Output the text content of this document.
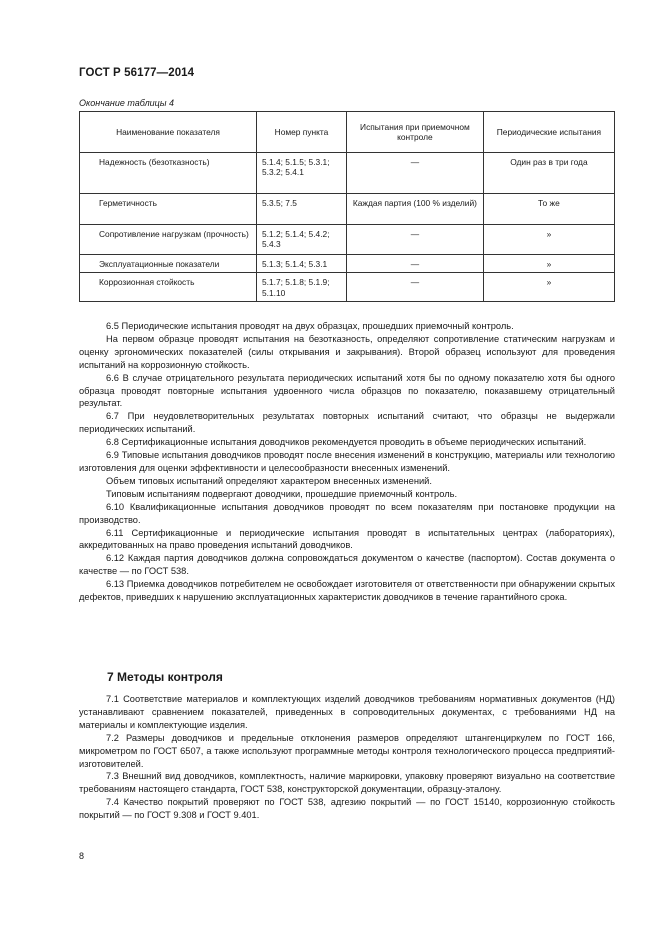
ГОСТ Р 56177—2014
Окончание таблицы 4
Наименование показателя	Номер пункта	Испытания при приемочном контроле	Периодические испытания
Надежность (безотказность)	5.1.4; 5.1.5; 5.3.1; 5.3.2; 5.4.1	—	Один раз в три года
Герметичность	5.3.5; 7.5	Каждая партия (100 % изделий)	То же
Сопротивление нагрузкам (прочность)	5.1.2; 5.1.4; 5.4.2; 5.4.3	—	»
Эксплуатационные показатели	5.1.3; 5.1.4; 5.3.1	—	»
Коррозионная стойкость	5.1.7; 5.1.8; 5.1.9; 5.1.10	—	»

6.5 Периодические испытания проводят на двух образцах, прошедших приемочный контроль.

На первом образце проводят испытания на безотказность, определяют сопротивление статическим нагрузкам и оценку эргономических показателей (силы открывания и закрывания). Второй образец используют для проведения испытаний на коррозионную стойкость.

6.6 В случае отрицательного результата периодических испытаний хотя бы по одному показателю хотя бы одного образца проводят повторные испытания удвоенного числа образцов по показателю, показавшему отрицательный результат.

6.7 При неудовлетворительных результатах повторных испытаний считают, что образцы не выдержали периодических испытаний.

6.8 Сертификационные испытания доводчиков рекомендуется проводить в объеме периодических испытаний.

6.9 Типовые испытания доводчиков проводят после внесения изменений в конструкцию, материалы или технологию изготовления для оценки эффективности и целесообразности внесенных изменений.

Объем типовых испытаний определяют характером внесенных изменений.

Типовым испытаниям подвергают доводчики, прошедшие приемочный контроль.

6.10 Квалификационные испытания доводчиков проводят по всем показателям при постановке продукции на производство.

6.11 Сертификационные и периодические испытания проводят в испытательных центрах (лабораториях), аккредитованных на право проведения испытаний доводчиков.

6.12 Каждая партия доводчиков должна сопровождаться документом о качестве (паспортом). Состав документа о качестве — по ГОСТ 538.

6.13 Приемка доводчиков потребителем не освобождает изготовителя от ответственности при обнаружении скрытых дефектов, приведших к нарушению эксплуатационных характеристик доводчиков в течение гарантийного срока.

7 Методы контроля

7.1 Соответствие материалов и комплектующих изделий доводчиков требованиям нормативных документов (НД) устанавливают сравнением показателей, приведенных в сопроводительных документах, с требованиями НД на материалы и комплектующие изделия.

7.2 Размеры доводчиков и предельные отклонения размеров определяют штангенциркулем по ГОСТ 166, микрометром по ГОСТ 6507, а также используют программные методы контроля технологического процесса предприятий-изготовителей.

7.3 Внешний вид доводчиков, комплектность, наличие маркировки, упаковку проверяют визуально на соответствие требованиям настоящего стандарта, ГОСТ 538, конструкторской документации, образцу-эталону.

7.4 Качество покрытий проверяют по ГОСТ 538, адгезию покрытий — по ГОСТ 15140, коррозионную стойкость покрытий — по ГОСТ 9.308 и ГОСТ 9.401.

8
